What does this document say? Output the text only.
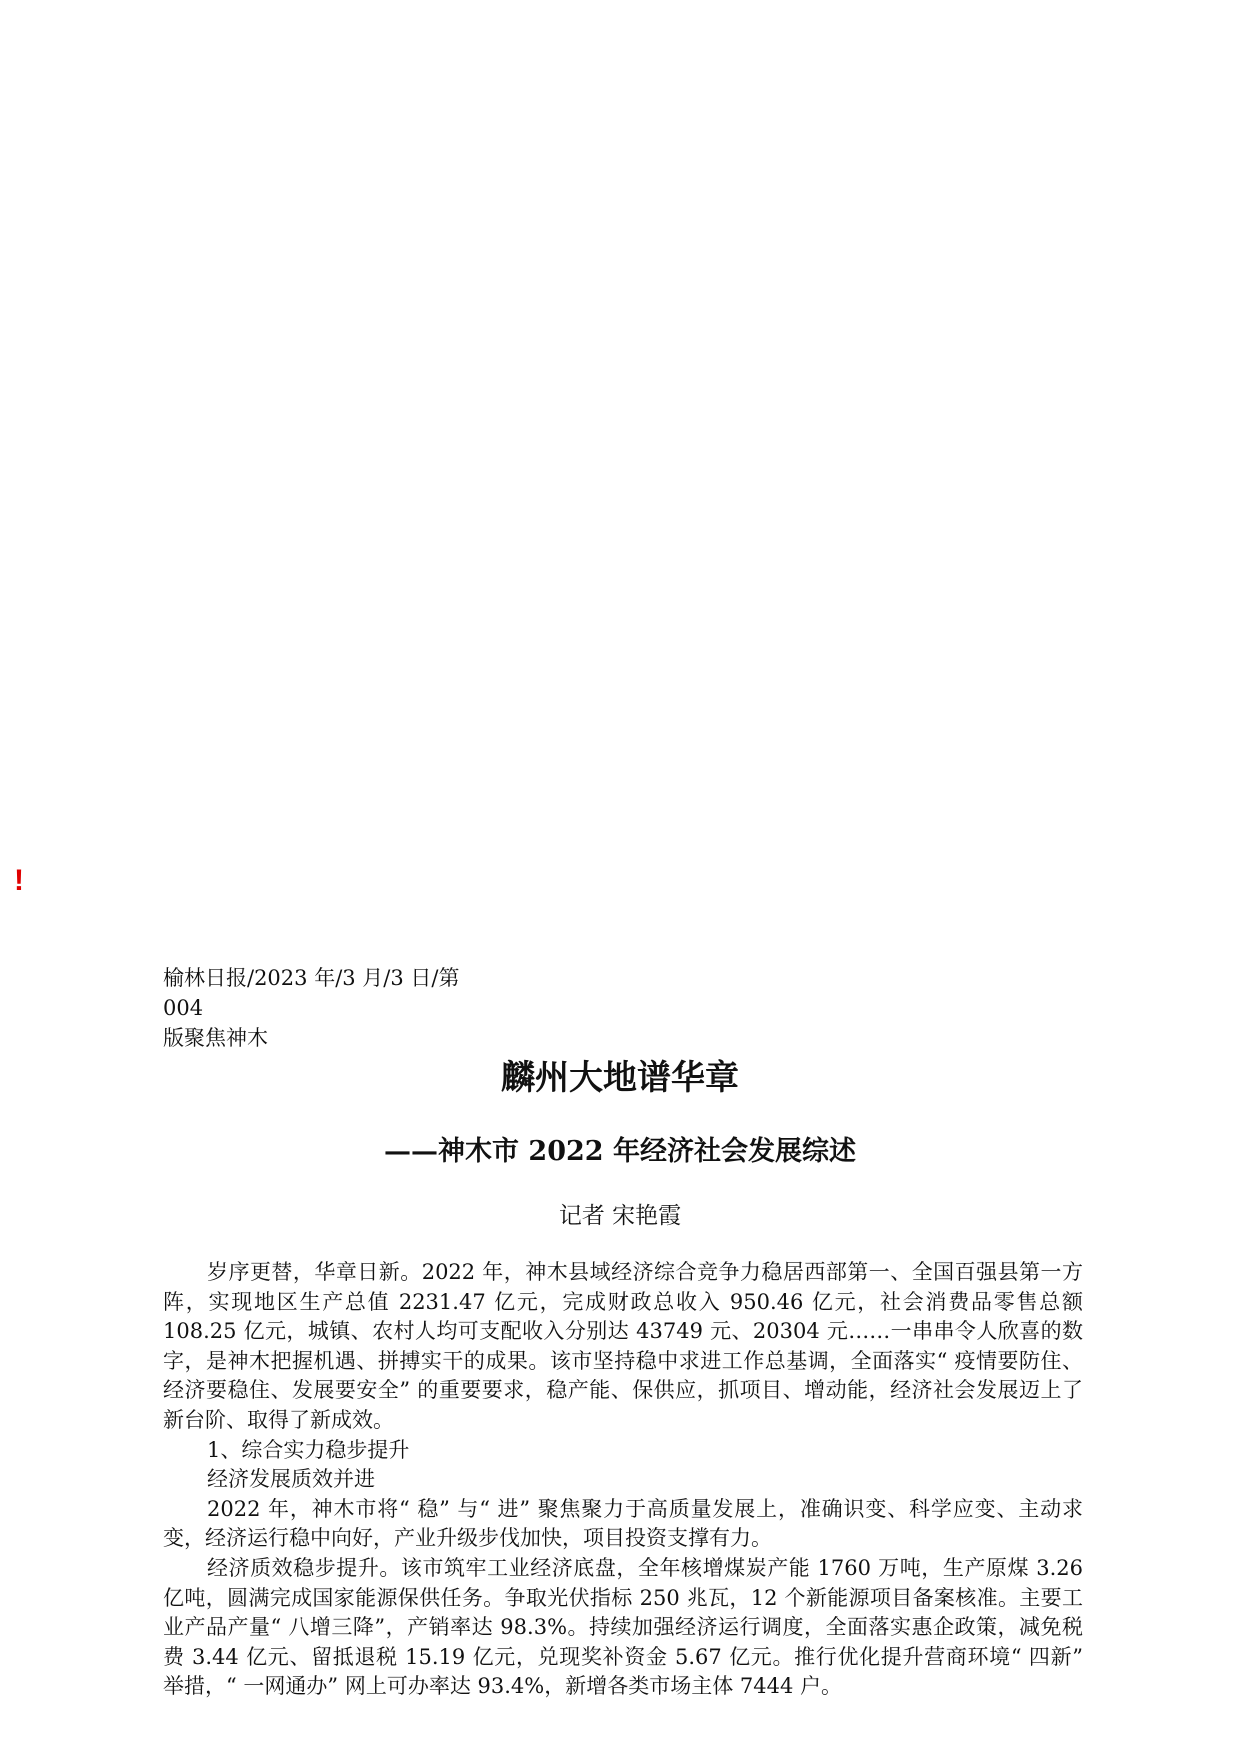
!
榆林日报/2023 年/3 月/3 日/第 004
版聚焦神木
麟州大地谱华章
——神木市 2022 年经济社会发展综述
记者 宋艳霞

岁序更替，华章日新。2022 年，神木县域经济综合竞争力稳居西部第一、全国百强县第一方阵，实现地区生产总值 2231.47 亿元，完成财政总收入 950.46 亿元，社会消费品零售总额 108.25 亿元，城镇、农村人均可支配收入分别达 43749 元、20304 元……一串串令人欣喜的数字，是神木把握机遇、拼搏实干的成果。该市坚持稳中求进工作总基调，全面落实“ 疫情要防住、经济要稳住、发展要安全” 的重要要求，稳产能、保供应，抓项目、增动能，经济社会发展迈上了新台阶、取得了新成效。

1、综合实力稳步提升

经济发展质效并进

2022 年，神木市将“ 稳” 与“ 进” 聚焦聚力于高质量发展上，准确识变、科学应变、主动求变，经济运行稳中向好，产业升级步伐加快，项目投资支撑有力。

经济质效稳步提升。该市筑牢工业经济底盘，全年核增煤炭产能 1760 万吨，生产原煤 3.26 亿吨，圆满完成国家能源保供任务。争取光伏指标 250 兆瓦，12 个新能源项目备案核准。主要工业产品产量“ 八增三降”，产销率达 98.3%。持续加强经济运行调度，全面落实惠企政策，减免税费 3.44 亿元、留抵退税 15.19 亿元，兑现奖补资金 5.67 亿元。推行优化提升营商环境“ 四新” 举措，“ 一网通办” 网上可办率达 93.4%，新增各类市场主体 7444 户。
